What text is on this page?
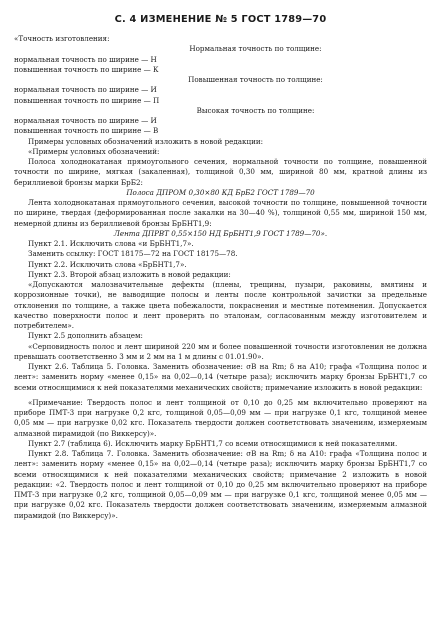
С. 4 ИЗМЕНЕНИЕ № 5 ГОСТ 1789—70

«Точность изготовления:

Нормальная точность по толщине:

нормальная точность по ширине — Н

повышенная точность по ширине — К

Повышенная точность по толщине:

нормальная точность по ширине — И

повышенная точность по ширине — П

Высокая точность по толщине:

нормальная точность по ширине — И

повышенная точность по ширине — В

Примеры условных обозначений изложить в новой редакции:

«Примеры условных обозначений:

Полоса холоднокатаная прямоугольного сечения, нормальной точности по толщине, повышенной точности по ширине, мягкая (закаленная), толщиной 0,30 мм, шириной 80 мм, кратной длины из бериллиевой бронзы марки БрБ2:

Полоса ДПРОМ 0,30×80 КД БрБ2 ГОСТ 1789—70

Лента холоднокатаная прямоугольного сечения, высокой точности по толщине, повышенной точности по ширине, твердая (деформированная после закалки на 30—40 %), толщиной 0,55 мм, шириной 150 мм, немерной длины из бериллиевой бронзы БрБНТ1,9:

Лента ДПРВТ 0,55×150 НД БрБНТ1,9 ГОСТ 1789—70».

Пункт 2.1. Исключить слова «и БрБНТ1,7».

Заменить ссылку: ГОСТ 18175—72 на ГОСТ 18175—78.

Пункт 2.2. Исключить слова «БрБНТ1,7».

Пункт 2.3. Второй абзац изложить в новой редакции:

«Допускаются малозначительные дефекты (плены, трещины, пузыри, раковины, вмятины и коррозионные точки), не выводящие полосы и ленты после контрольной зачистки за предельные отклонения по толщине, а также цвета побежалости, покраснения и местные потемнения. Допускается качество поверхности полос и лент проверять по эталонам, согласованным между изготовителем и потребителем».

Пункт 2.5 дополнить абзацем:

«Серповидность полос и лент шириной 220 мм и более повышенной точности изготовления не должна превышать соответственно 3 мм и 2 мм на 1 м длины с 01.01.90».

Пункт 2.6. Таблица 5. Головка. Заменить обозначение: σB на Rm; δ на A10; графа «Толщина полос и лент»: заменить норму «менее 0,15» на 0,02—0,14 (четыре раза); исключить марку бронзы БрБНТ1,7 со всеми относящимися к ней показателями механических свойств; примечание изложить в новой редакции:

«Примечание: Твердость полос и лент толщиной от 0,10 до 0,25 мм включительно проверяют на приборе ПМТ-3 при нагрузке 0,2 кгс, толщиной 0,05—0,09 мм — при нагрузке 0,1 кгс, толщиной менее 0,05 мм — при нагрузке 0,02 кгс. Показатель твердости должен соответствовать значениям, измеряемым алмазной пирамидой (по Виккерсу)».

Пункт 2.7 (таблица 6). Исключить марку БрБНТ1,7 со всеми относящимися к ней показателями.

Пункт 2.8. Таблица 7. Головка. Заменить обозначение: σB на Rm; δ на A10: графа «Толщина полос и лент»: заменить норму «менее 0,15» на 0,02—0,14 (четыре раза); исключить марку бронзы БрБНТ1,7 со всеми относящимися к ней показателями механических свойств; примечание 2 изложить в новой редакции: «2. Твердость полос и лент толщиной от 0,10 до 0,25 мм включительно проверяют на приборе ПМТ-3 при нагрузке 0,2 кгс, толщиной 0,05—0,09 мм — при нагрузке 0,1 кгс, толщиной менее 0,05 мм — при нагрузке 0,02 кгс. Показатель твердости должен соответствовать значениям, измеряемым алмазной пирамидой (по Виккерсу)».
